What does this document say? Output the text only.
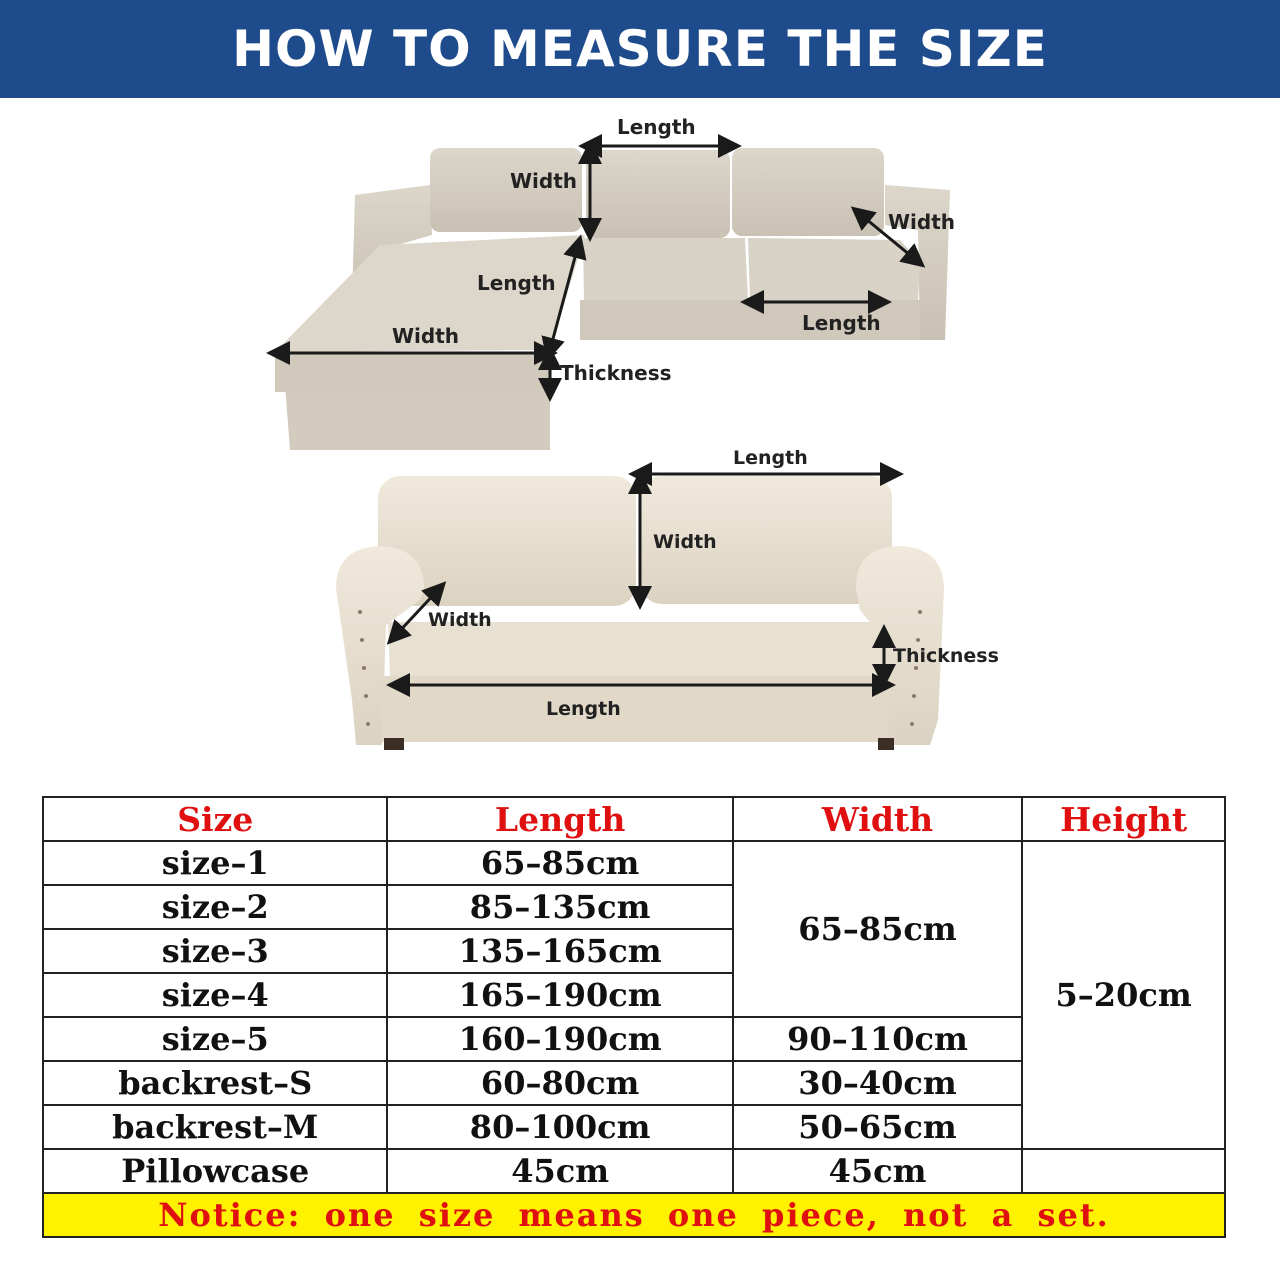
HOW TO MEASURE THE SIZE
Length
Width
Width
Length
Width
Length
Thickness
Length
Width
Width
Thickness
Length
Size	Length	Width	Height
size–1	65–85cm	65–85cm	5–20cm
size–2	85–135cm		
size–3	135–165cm		
size–4	165–190cm		
size–5	160–190cm	90–110cm	
backrest–S	60–80cm	30–40cm	
backrest–M	80–100cm	50–65cm	
Pillowcase	45cm	45cm	
Notice: one size means one piece, not a set.			
